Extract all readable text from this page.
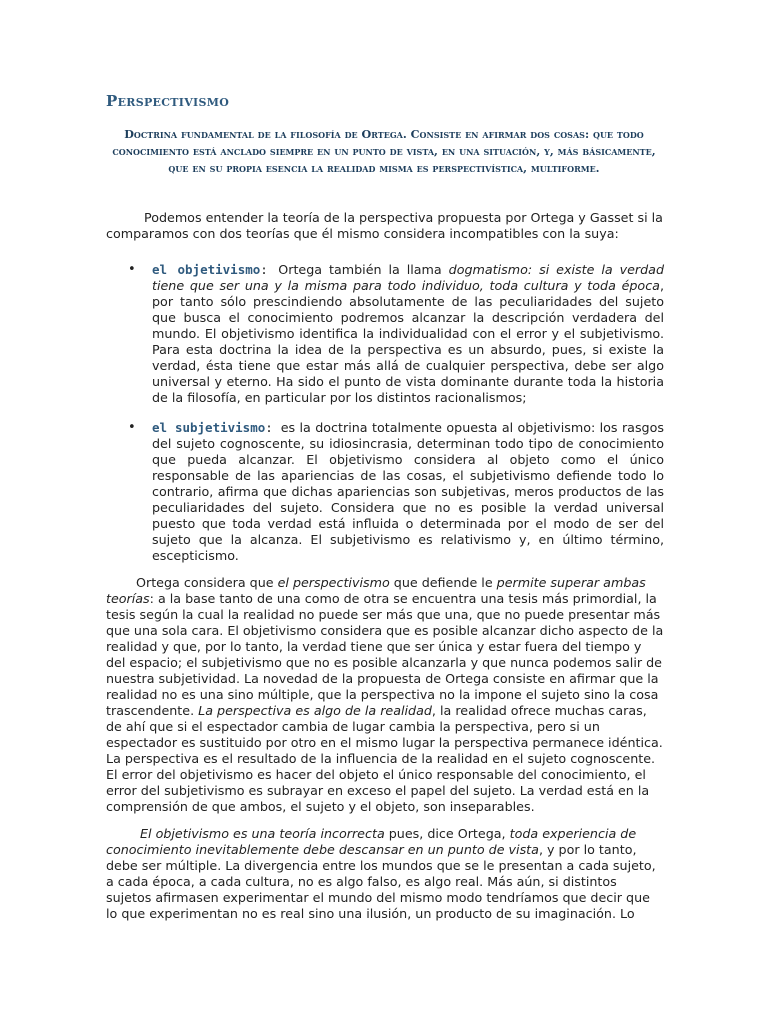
Perspectivismo

Doctrina fundamental de la filosofía de Ortega. Consiste en afirmar dos cosas: que todo conocimiento está anclado siempre en un punto de vista, en una situación, y, más básicamente, que en su propia esencia la realidad misma es perspectivística, multiforme.

Podemos entender la teoría de la perspectiva propuesta por Ortega y Gasset si la comparamos con dos teorías que él mismo considera incompatibles con la suya:

• el objetivismo: Ortega también la llama dogmatismo: si existe la verdad tiene que ser una y la misma para todo individuo, toda cultura y toda época, por tanto sólo prescindiendo absolutamente de las peculiaridades del sujeto que busca el conocimiento podremos alcanzar la descripción verdadera del mundo. El objetivismo identifica la individualidad con el error y el subjetivismo. Para esta doctrina la idea de la perspectiva es un absurdo, pues, si existe la verdad, ésta tiene que estar más allá de cualquier perspectiva, debe ser algo universal y eterno. Ha sido el punto de vista dominante durante toda la historia de la filosofía, en particular por los distintos racionalismos;
• el subjetivismo: es la doctrina totalmente opuesta al objetivismo: los rasgos del sujeto cognoscente, su idiosincrasia, determinan todo tipo de conocimiento que pueda alcanzar. El objetivismo considera al objeto como el único responsable de las apariencias de las cosas, el subjetivismo defiende todo lo contrario, afirma que dichas apariencias son subjetivas, meros productos de las peculiaridades del sujeto. Considera que no es posible la verdad universal puesto que toda verdad está influida o determinada por el modo de ser del sujeto que la alcanza. El subjetivismo es relativismo y, en último término, escepticismo.

Ortega considera que el perspectivismo que defiende le permite superar ambas teorías: a la base tanto de una como de otra se encuentra una tesis más primordial, la tesis según la cual la realidad no puede ser más que una, que no puede presentar más que una sola cara. El objetivismo considera que es posible alcanzar dicho aspecto de la realidad y que, por lo tanto, la verdad tiene que ser única y estar fuera del tiempo y del espacio; el subjetivismo que no es posible alcanzarla y que nunca podemos salir de nuestra subjetividad. La novedad de la propuesta de Ortega consiste en afirmar que la realidad no es una sino múltiple, que la perspectiva no la impone el sujeto sino la cosa trascendente. La perspectiva es algo de la realidad, la realidad ofrece muchas caras, de ahí que si el espectador cambia de lugar cambia la perspectiva, pero si un espectador es sustituido por otro en el mismo lugar la perspectiva permanece idéntica. La perspectiva es el resultado de la influencia de la realidad en el sujeto cognoscente. El error del objetivismo es hacer del objeto el único responsable del conocimiento, el error del subjetivismo es subrayar en exceso el papel del sujeto. La verdad está en la comprensión de que ambos, el sujeto y el objeto, son inseparables.

El objetivismo es una teoría incorrecta pues, dice Ortega, toda experiencia de conocimiento inevitablemente debe descansar en un punto de vista, y por lo tanto, debe ser múltiple. La divergencia entre los mundos que se le presentan a cada sujeto, a cada época, a cada cultura, no es algo falso, es algo real. Más aún, si distintos sujetos afirmasen experimentar el mundo del mismo modo tendríamos que decir que lo que experimentan no es real sino una ilusión, un producto de su imaginación. Lo
